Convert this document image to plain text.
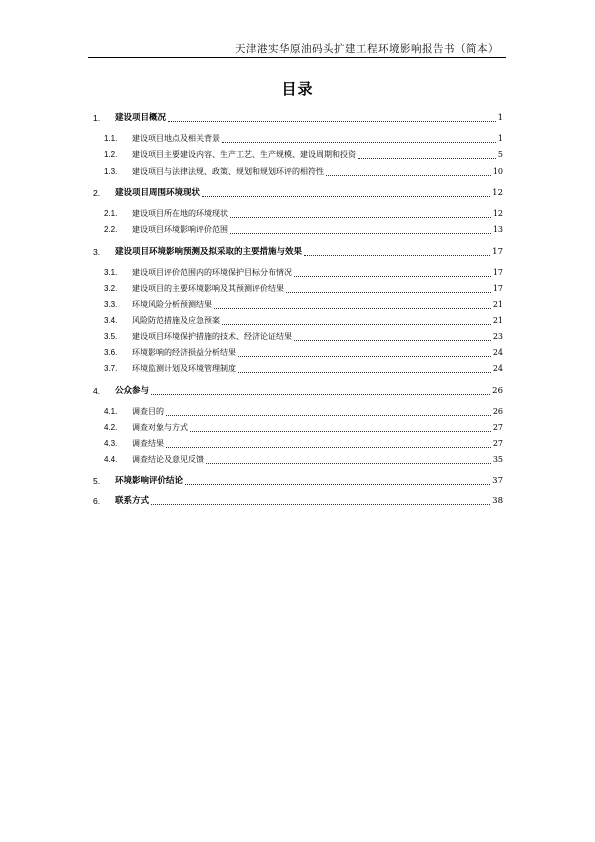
天津港实华原油码头扩建工程环境影响报告书（简本）
目录
1.	建设项目概况	1
1.1.	建设项目地点及相关背景	1
1.2.	建设项目主要建设内容、生产工艺、生产规模、建设周期和投资	5
1.3.	建设项目与法律法规、政策、规划和规划环评的相符性	10
2.	建设项目周围环境现状	12
2.1.	建设项目所在地的环境现状	12
2.2.	建设项目环境影响评价范围	13
3.	建设项目环境影响预测及拟采取的主要措施与效果	17
3.1.	建设项目评价范围内的环境保护目标分布情况	17
3.2.	建设项目的主要环境影响及其预测评价结果	17
3.3.	环境风险分析预测结果	21
3.4.	风险防范措施及应急预案	21
3.5.	建设项目环境保护措施的技术、经济论证结果	23
3.6.	环境影响的经济损益分析结果	24
3.7.	环境监测计划及环境管理制度	24
4.	公众参与	26
4.1.	调查目的	26
4.2.	调查对象与方式	27
4.3.	调查结果	27
4.4.	调查结论及意见反馈	35
5.	环境影响评价结论	37
6.	联系方式	38
